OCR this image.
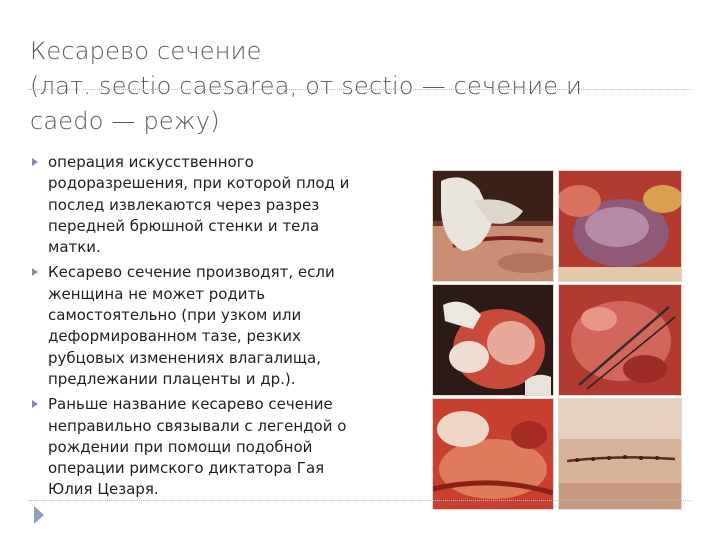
Кесарево сечение
(лат. sectio caesarea, от sectio — сечение и
caedo — режу)
операция искусственного
родоразрешения, при которой плод и
послед извлекаются через разрез
передней брюшной стенки и тела
матки.
Кесарево сечение производят, если
женщина не может родить
самостоятельно (при узком или
деформированном тазе, резких
рубцовых изменениях влагалища,
предлежании плаценты и др.).
Раньше название кесарево сечение
неправильно связывали с легендой о
рождении при помощи подобной
операции римского диктатора Гая
Юлия Цезаря.
